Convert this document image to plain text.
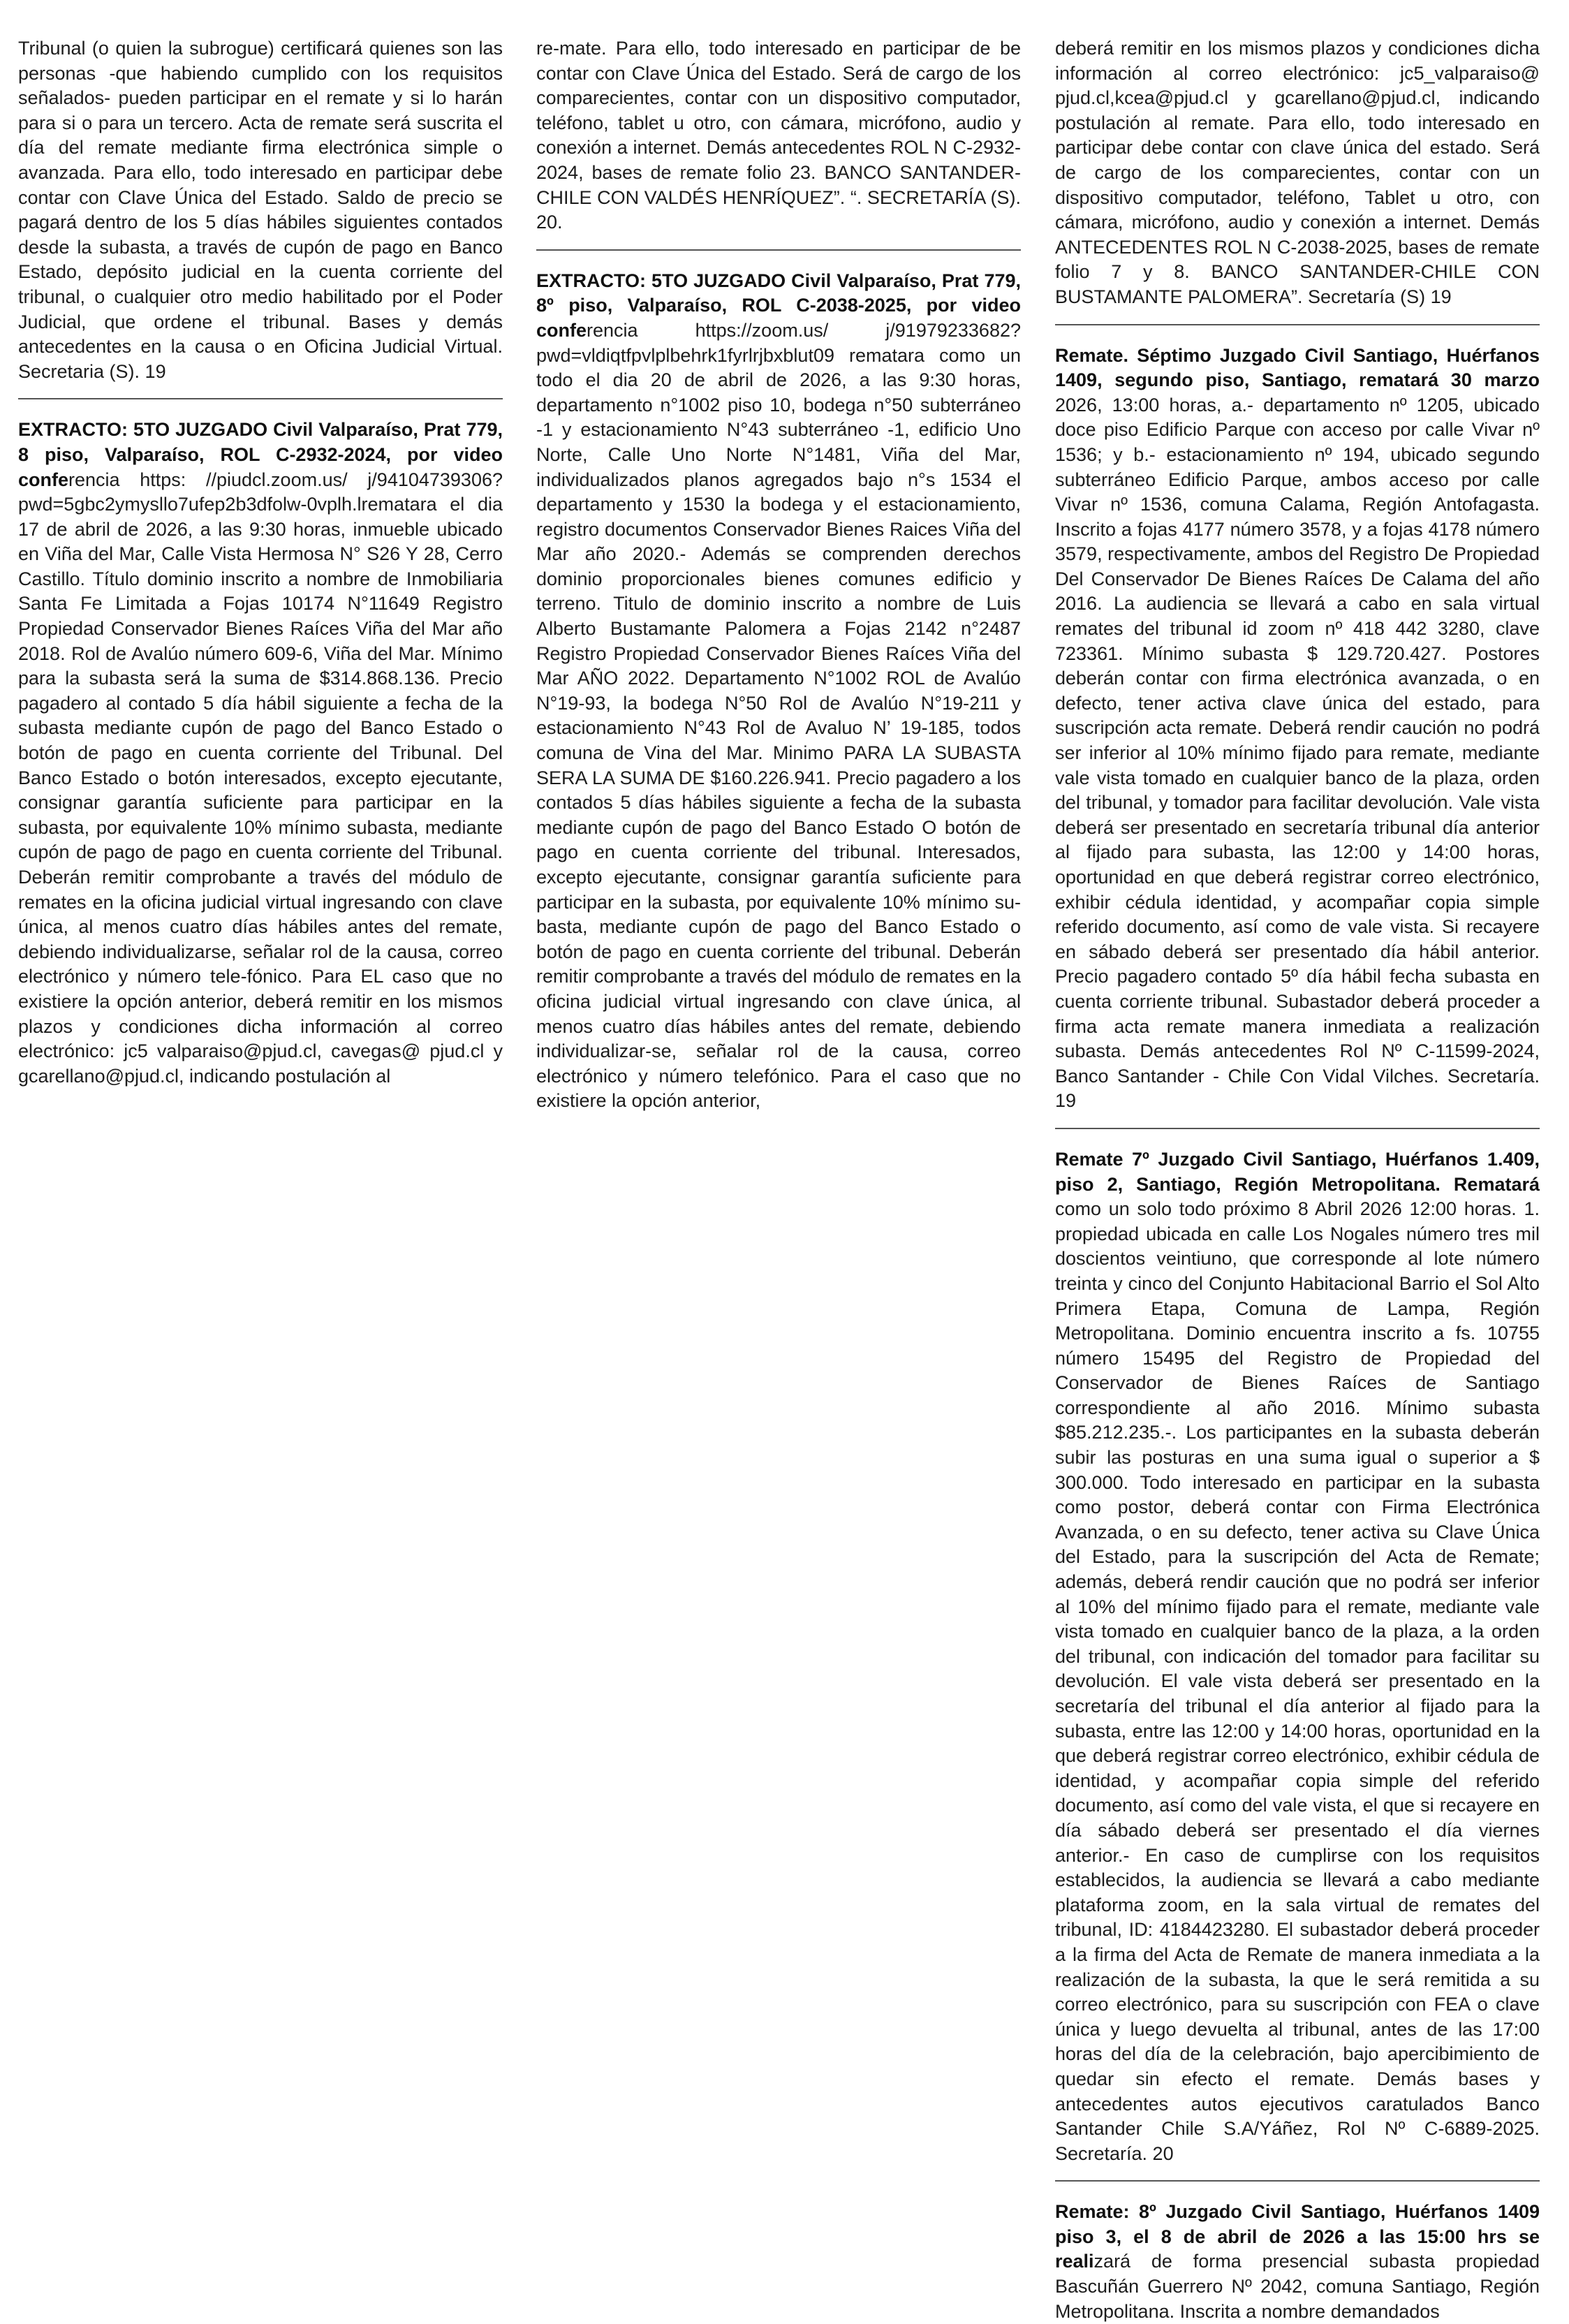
Tribunal (o quien la subrogue) certificará quienes son las personas -que habiendo cumplido con los requisitos señalados- pueden participar en el remate y si lo harán para si o para un tercero. Acta de remate será suscrita el día del remate mediante firma electrónica simple o avanzada. Para ello, todo interesado en participar debe contar con Clave Única del Estado. Saldo de precio se pagará dentro de los 5 días hábiles siguientes contados desde la subasta, a través de cupón de pago en Banco Estado, depósito judicial en la cuenta corriente del tribunal, o cualquier otro medio habilitado por el Poder Judicial, que ordene el tribunal. Bases y demás antecedentes en la causa o en Oficina Judicial Virtual. Secretaria (S). 19

EXTRACTO: 5TO JUZGADO Civil Valparaíso, Prat 779, 8 piso, Valparaíso, ROL C-2932-2024, por video conferencia https: //piudcl.zoom.us/ j/94104739306?pwd=5gbc2ymysllo7ufep2b3dfolw-0vplh.lrematara el dia 17 de abril de 2026, a las 9:30 horas, inmueble ubicado en Viña del Mar, Calle Vista Hermosa N° S26 Y 28, Cerro Castillo. Título dominio inscrito a nombre de Inmobiliaria Santa Fe Limitada a Fojas 10174 N°11649 Registro Propiedad Conservador Bienes Raíces Viña del Mar año 2018. Rol de Avalúo número 609-6, Viña del Mar. Mínimo para la subasta será la suma de $314.868.136. Precio pagadero al contado 5 día hábil siguiente a fecha de la subasta mediante cupón de pago del Banco Estado o botón de pago en cuenta corriente del Tribunal. Del Banco Estado o botón interesados, excepto ejecutante, consignar garantía suficiente para participar en la subasta, por equivalente 10% mínimo subasta, mediante cupón de pago de pago en cuenta corriente del Tribunal. Deberán remitir comprobante a través del módulo de remates en la oficina judicial virtual ingresando con clave única, al menos cuatro días hábiles antes del remate, debiendo individualizarse, señalar rol de la causa, correo electrónico y número tele-fónico. Para EL caso que no existiere la opción anterior, deberá remitir en los mismos plazos y condiciones dicha información al correo electrónico: jc5 valparaiso@pjud.cl, cavegas@ pjud.cl y gcarellano@pjud.cl, indicando postulación al

re-mate. Para ello, todo interesado en participar de be contar con Clave Única del Estado. Será de cargo de los comparecientes, contar con un dispositivo computador, teléfono, tablet u otro, con cámara, micrófono, audio y conexión a internet. Demás antecedentes ROL N C-2932-2024, bases de remate folio 23. BANCO SANTANDER-CHILE CON VALDÉS HENRÍQUEZ”. “. SECRETARÍA (S). 20.

EXTRACTO: 5TO JUZGADO Civil Valparaíso, Prat 779, 8º piso, Valparaíso, ROL C-2038-2025, por video conferencia https://zoom.us/ j/91979233682?pwd=vldiqtfpvlplbehrk1fyrlrjbxblut09 rematara como un todo el dia 20 de abril de 2026, a las 9:30 horas, departamento n°1002 piso 10, bodega n°50 subterráneo -1 y estacionamiento N°43 subterráneo -1, edificio Uno Norte, Calle Uno Norte N°1481, Viña del Mar, individualizados planos agregados bajo n°s 1534 el departamento y 1530 la bodega y el estacionamiento, registro documentos Conservador Bienes Raices Viña del Mar año 2020.- Además se comprenden derechos dominio proporcionales bienes comunes edificio y terreno. Titulo de dominio inscrito a nombre de Luis Alberto Bustamante Palomera a Fojas 2142 n°2487 Registro Propiedad Conservador Bienes Raíces Viña del Mar AÑO 2022. Departamento N°1002 ROL de Avalúo N°19-93, la bodega N°50 Rol de Avalúo N°19-211 y estacionamiento N°43 Rol de Avaluo N’ 19-185, todos comuna de Vina del Mar. Minimo PARA LA SUBASTA SERA LA SUMA DE $160.226.941. Precio pagadero a los contados 5 días hábiles siguiente a fecha de la subasta mediante cupón de pago del Banco Estado O botón de pago en cuenta corriente del tribunal. Interesados, excepto ejecutante, consignar garantía suficiente para participar en la subasta, por equivalente 10% mínimo su-basta, mediante cupón de pago del Banco Estado o botón de pago en cuenta corriente del tribunal. Deberán remitir comprobante a través del módulo de remates en la oficina judicial virtual ingresando con clave única, al menos cuatro días hábiles antes del remate, debiendo individualizar-se, señalar rol de la causa, correo electrónico y número telefónico. Para el caso que no existiere la opción anterior,

deberá remitir en los mismos plazos y condiciones dicha información al correo electrónico: jc5_valparaiso@ pjud.cl,kcea@pjud.cl y gcarellano@pjud.cl, indicando postulación al remate. Para ello, todo interesado en participar debe contar con clave única del estado. Será de cargo de los comparecientes, contar con un dispositivo computador, teléfono, Tablet u otro, con cámara, micrófono, audio y conexión a internet. Demás ANTECEDENTES ROL N C-2038-2025, bases de remate folio 7 y 8. BANCO SANTANDER-CHILE CON BUSTAMANTE PALOMERA”. Secretaría (S) 19

Remate. Séptimo Juzgado Civil Santiago, Huérfanos 1409, segundo piso, Santiago, rematará 30 marzo 2026, 13:00 horas, a.- departamento nº 1205, ubicado doce piso Edificio Parque con acceso por calle Vivar nº 1536; y b.- estacionamiento nº 194, ubicado segundo subterráneo Edificio Parque, ambos acceso por calle Vivar nº 1536, comuna Calama, Región Antofagasta. Inscrito a fojas 4177 número 3578, y a fojas 4178 número 3579, respectivamente, ambos del Registro De Propiedad Del Conservador De Bienes Raíces De Calama del año 2016. La audiencia se llevará a cabo en sala virtual remates del tribunal id zoom nº 418 442 3280, clave 723361. Mínimo subasta $ 129.720.427. Postores deberán contar con firma electrónica avanzada, o en defecto, tener activa clave única del estado, para suscripción acta remate. Deberá rendir caución no podrá ser inferior al 10% mínimo fijado para remate, mediante vale vista tomado en cualquier banco de la plaza, orden del tribunal, y tomador para facilitar devolución. Vale vista deberá ser presentado en secretaría tribunal día anterior al fijado para subasta, las 12:00 y 14:00 horas, oportunidad en que deberá registrar correo electrónico, exhibir cédula identidad, y acompañar copia simple referido documento, así como de vale vista. Si recayere en sábado deberá ser presentado día hábil anterior. Precio pagadero contado 5º día hábil fecha subasta en cuenta corriente tribunal. Subastador deberá proceder a firma acta remate manera inmediata a realización subasta. Demás antecedentes Rol Nº C-11599-2024, Banco Santander - Chile Con Vidal Vilches. Secretaría. 19

Remate 7º Juzgado Civil Santiago, Huérfanos 1.409, piso 2, Santiago, Región Metropolitana. Rematará como un solo todo próximo 8 Abril 2026 12:00 horas. 1. propiedad ubicada en calle Los Nogales número tres mil doscientos veintiuno, que corresponde al lote número treinta y cinco del Conjunto Habitacional Barrio el Sol Alto Primera Etapa, Comuna de Lampa, Región Metropolitana. Dominio encuentra inscrito a fs. 10755 número 15495 del Registro de Propiedad del Conservador de Bienes Raíces de Santiago correspondiente al año 2016. Mínimo subasta $85.212.235.-. Los participantes en la subasta deberán subir las posturas en una suma igual o superior a $ 300.000. Todo interesado en participar en la subasta como postor, deberá contar con Firma Electrónica Avanzada, o en su defecto, tener activa su Clave Única del Estado, para la suscripción del Acta de Remate; además, deberá rendir caución que no podrá ser inferior al 10% del mínimo fijado para el remate, mediante vale vista tomado en cualquier banco de la plaza, a la orden del tribunal, con indicación del tomador para facilitar su devolución. El vale vista deberá ser presentado en la secretaría del tribunal el día anterior al fijado para la subasta, entre las 12:00 y 14:00 horas, oportunidad en la que deberá registrar correo electrónico, exhibir cédula de identidad, y acompañar copia simple del referido documento, así como del vale vista, el que si recayere en día sábado deberá ser presentado el día viernes anterior.- En caso de cumplirse con los requisitos establecidos, la audiencia se llevará a cabo mediante plataforma zoom, en la sala virtual de remates del tribunal, ID: 4184423280. El subastador deberá proceder a la firma del Acta de Remate de manera inmediata a la realización de la subasta, la que le será remitida a su correo electrónico, para su suscripción con FEA o clave única y luego devuelta al tribunal, antes de las 17:00 horas del día de la celebración, bajo apercibimiento de quedar sin efecto el remate. Demás bases y antecedentes autos ejecutivos caratulados Banco Santander Chile S.A/Yáñez, Rol Nº C-6889-2025. Secretaría. 20

Remate: 8º Juzgado Civil Santiago, Huérfanos 1409 piso 3, el 8 de abril de 2026 a las 15:00 hrs se realizará de forma presencial subasta propiedad Bascuñán Guerrero Nº 2042, comuna Santiago, Región Metropolitana. Inscrita a nombre demandados
